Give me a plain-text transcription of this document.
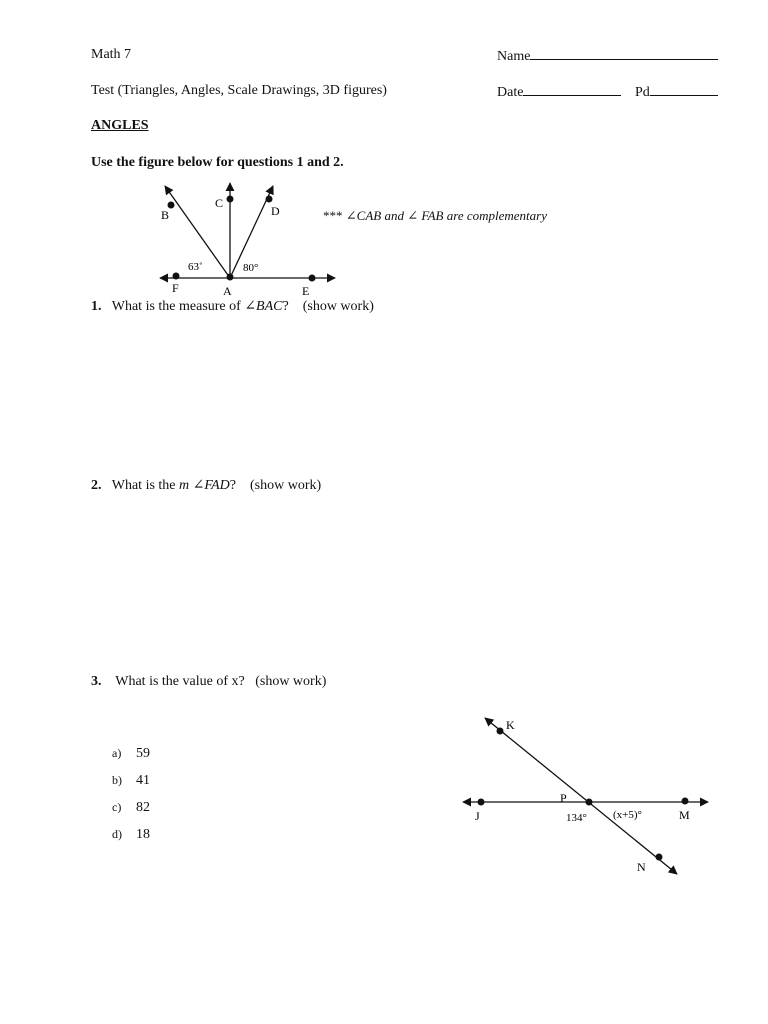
Math 7	Name
Test (Triangles, Angles, Scale Drawings, 3D figures)	Date	Pd
ANGLES
Use the figure below for questions 1 and 2.
B
C
D
F	A	E
63˚	80°
*** ∠CAB and ∠ FAB are complementary
1. What is the measure of ∠BAC? (show work)
2. What is the m ∠FAD? (show work)
3. What is the value of x? (show work)
a) 59
b) 41
c) 82
d) 18
K
P
J	M
N
134° (x+5)°
